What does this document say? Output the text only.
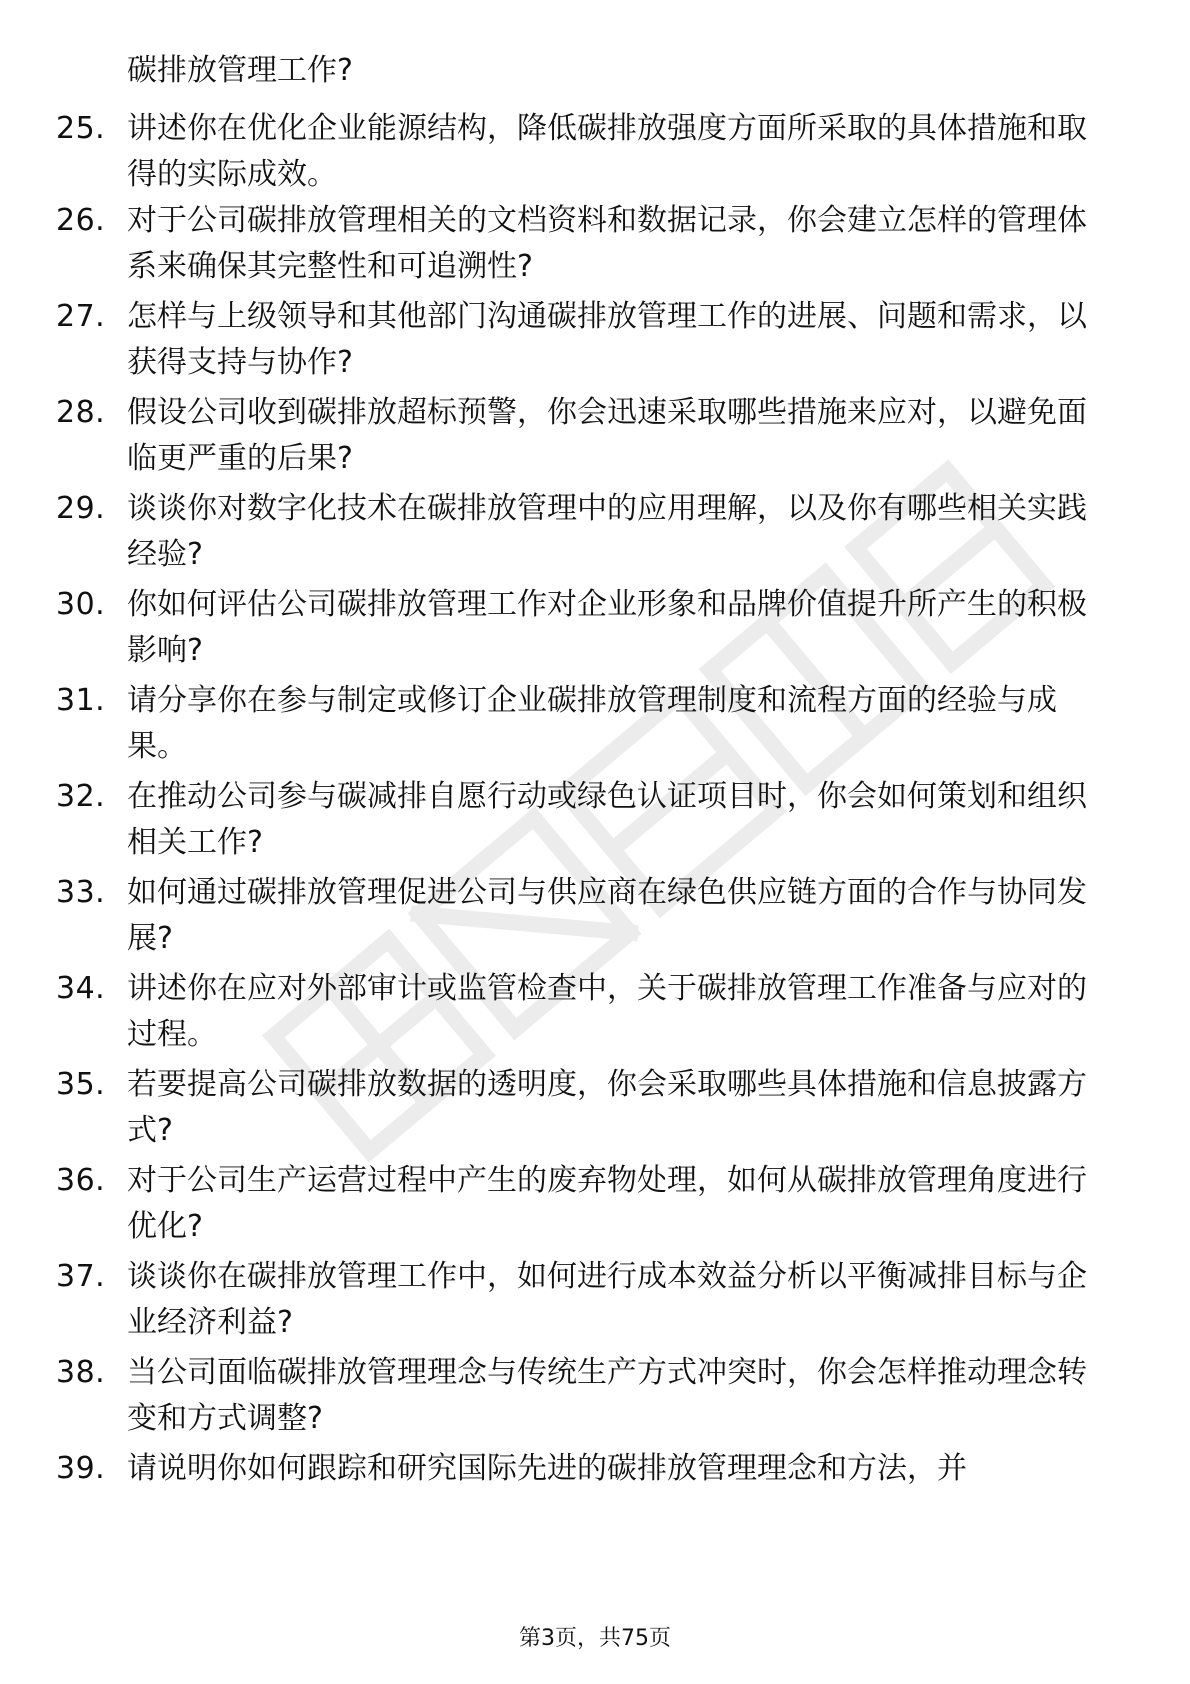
碳排放管理工作?
25. 讲述你在优化企业能源结构，降低碳排放强度方面所采取的具体措施和取得的实际成效。
26. 对于公司碳排放管理相关的文档资料和数据记录，你会建立怎样的管理体系来确保其完整性和可追溯性?
27. 怎样与上级领导和其他部门沟通碳排放管理工作的进展、问题和需求，以获得支持与协作?
28. 假设公司收到碳排放超标预警，你会迅速采取哪些措施来应对，以避免面临更严重的后果?
29. 谈谈你对数字化技术在碳排放管理中的应用理解，以及你有哪些相关实践经验?
30. 你如何评估公司碳排放管理工作对企业形象和品牌价值提升所产生的积极影响?
31. 请分享你在参与制定或修订企业碳排放管理制度和流程方面的经验与成果。
32. 在推动公司参与碳减排自愿行动或绿色认证项目时，你会如何策划和组织相关工作?
33. 如何通过碳排放管理促进公司与供应商在绿色供应链方面的合作与协同发展?
34. 讲述你在应对外部审计或监管检查中，关于碳排放管理工作准备与应对的过程。
35. 若要提高公司碳排放数据的透明度，你会采取哪些具体措施和信息披露方式?
36. 对于公司生产运营过程中产生的废弃物处理，如何从碳排放管理角度进行优化?
37. 谈谈你在碳排放管理工作中，如何进行成本效益分析以平衡减排目标与企业经济利益?
38. 当公司面临碳排放管理理念与传统生产方式冲突时，你会怎样推动理念转变和方式调整?
39. 请说明你如何跟踪和研究国际先进的碳排放管理理念和方法，并
第3页，共75页
